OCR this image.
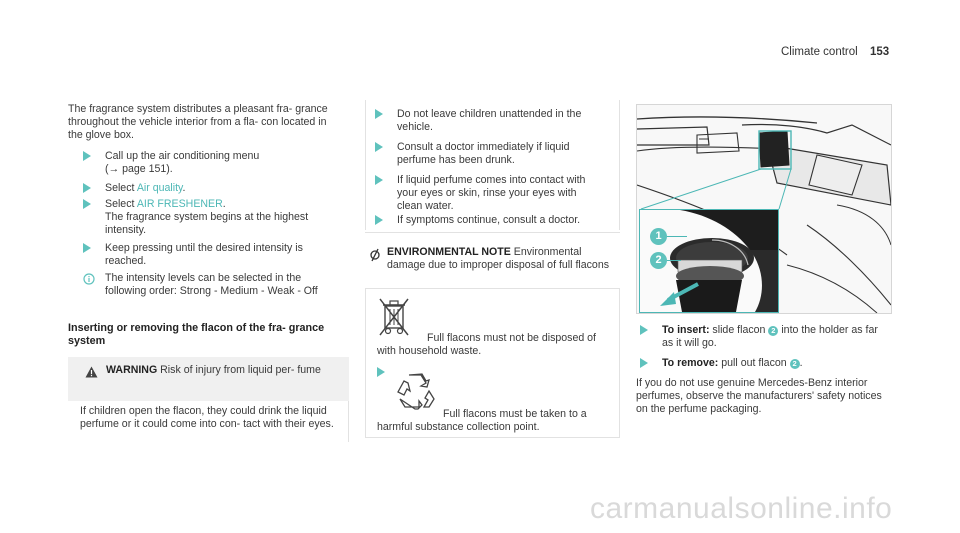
Climate control 153

The fragrance system distributes a pleasant fra- grance throughout the vehicle interior from a fla- con located in the glove box.

Call up the air conditioning menu
(→ page 151).
Select Air quality.
Select AIR FRESHENER.
The fragrance system begins at the highest intensity.
Keep pressing until the desired intensity is reached.
The intensity levels can be selected in the following order: Strong - Medium - Weak - Off
Inserting or removing the flacon of the fra- grance system
WARNING Risk of injury from liquid per- fume
If children open the flacon, they could drink the liquid perfume or it could come into con- tact with their eyes.
Do not leave children unattended in the vehicle.
Consult a doctor immediately if liquid perfume has been drunk.
If liquid perfume comes into contact with your eyes or skin, rinse your eyes with clean water.
If symptoms continue, consult a doctor.
ENVIRONMENTAL NOTE Environmental damage due to improper disposal of full flacons
Full flacons must not be disposed of with household waste.
Full flacons must be taken to a harmful substance collection point.
1
2
To insert: slide flacon 2 into the holder as far as it will go.
To remove: pull out flacon 2 .

If you do not use genuine Mercedes-Benz interior perfumes, observe the manufacturers' safety notices on the perfume packaging.

carmanualsonline.info
